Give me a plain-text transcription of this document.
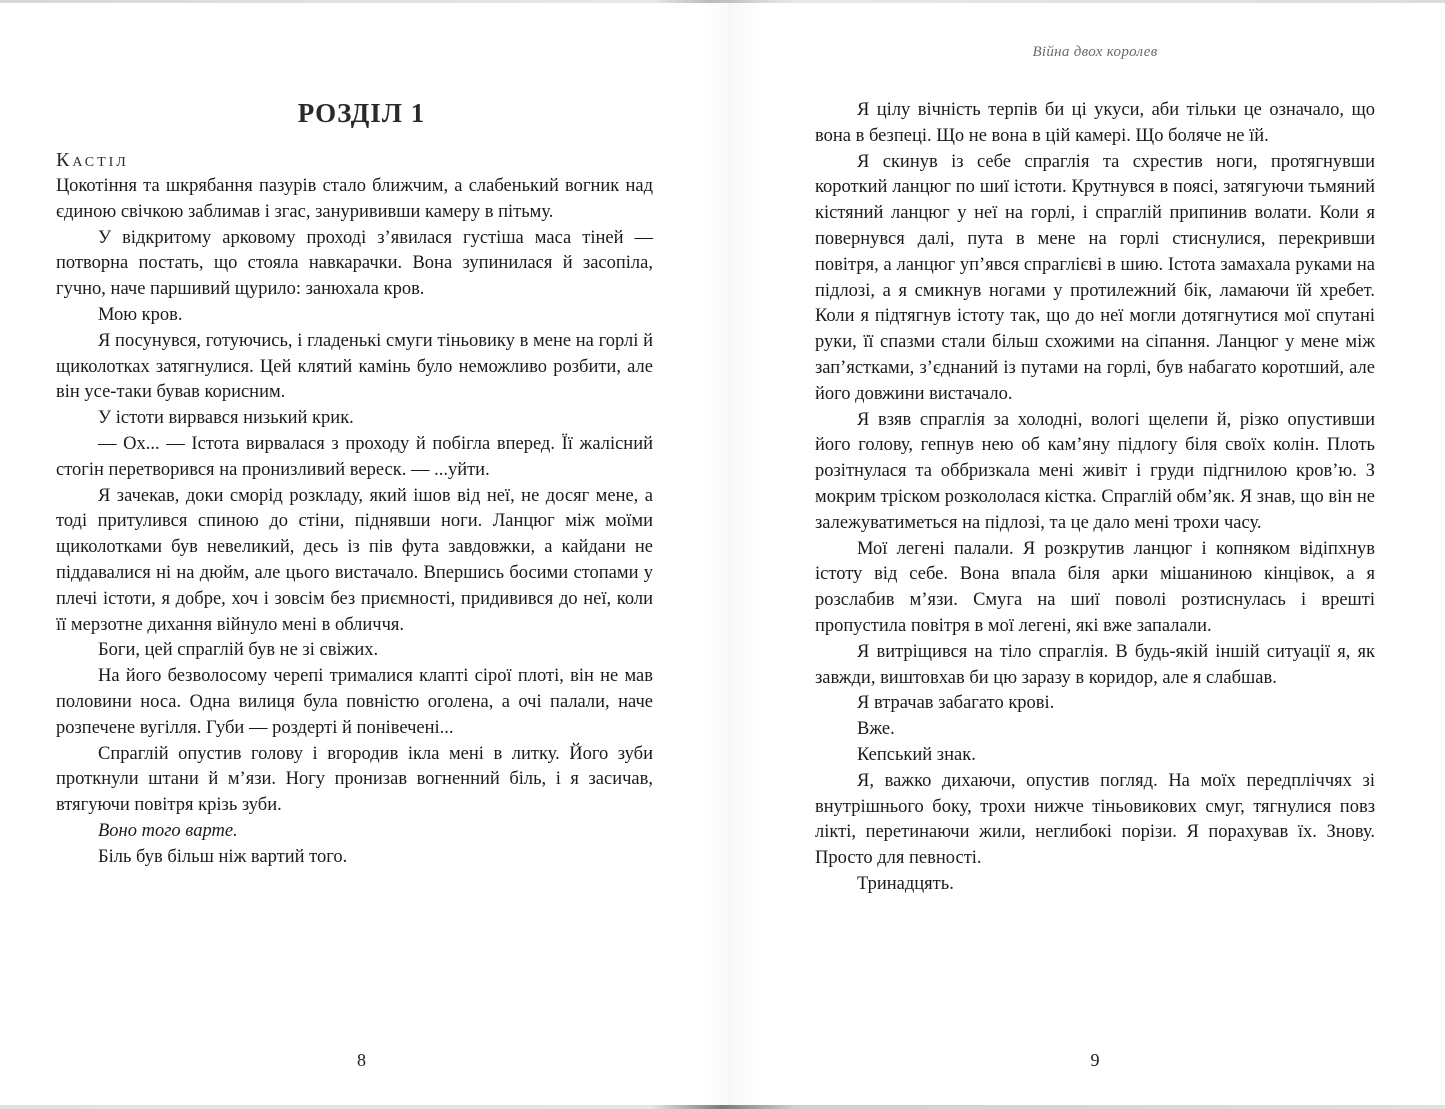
РОЗДІЛ 1
Кастіл

Цокотіння та шкрябання пазурів стало ближчим, а слабенький вогник над єдиною свічкою заблимав і згас, занурививши камеру в пітьму.

У відкритому арковому проході з’явилася густіша маса тіней — потворна постать, що стояла навкарачки. Вона зупинилася й засопіла, гучно, наче паршивий щурило: занюхала кров.

Мою кров.

Я посунувся, готуючись, і гладенькі смуги тіньовику в мене на горлі й щиколотках затягнулися. Цей клятий камінь було неможливо розбити, але він усе-таки бував корисним.

У істоти вирвався низький крик.

— Ох... — Істота вирвалася з проходу й побігла вперед. Її жалісний стогін перетворився на пронизливий вереск. — ...уйти.

Я зачекав, доки сморід розкладу, який ішов від неї, не досяг мене, а тоді притулився спиною до стіни, піднявши ноги. Ланцюг між моїми щиколотками був невеликий, десь із пів фута завдовжки, а кайдани не піддавалися ні на дюйм, але цього вистачало. Впершись босими стопами у плечі істоти, я добре, хоч і зовсім без приємності, придивився до неї, коли її мерзотне дихання війнуло мені в обличчя.

Боги, цей спраглій був не зі свіжих.

На його безволосому черепі трималися клапті сірої плоті, він не мав половини носа. Одна вилиця була повністю оголена, а очі палали, наче розпечене вугілля. Губи — роздерті й понівечені...

Спраглій опустив голову і вгородив ікла мені в литку. Його зуби проткнули штани й м’язи. Ногу пронизав вогненний біль, і я засичав, втягуючи повітря крізь зуби.

Воно того варте.

Біль був більш ніж вартий того.

8
Війна двох королев

Я цілу вічність терпів би ці укуси, аби тільки це означало, що вона в безпеці. Що не вона в цій камері. Що боляче не їй.

Я скинув із себе спраглія та схрестив ноги, протягнувши короткий ланцюг по шиї істоти. Крутнувся в поясі, затягуючи тьмяний кістяний ланцюг у неї на горлі, і спраглій припинив волати. Коли я повернувся далі, пута в мене на горлі стиснулися, перекривши повітря, а ланцюг уп’явся спраглієві в шию. Істота замахала руками на підлозі, а я смикнув ногами у протилежний бік, ламаючи їй хребет. Коли я підтягнув істоту так, що до неї могли дотягнутися мої спутані руки, її спазми стали більш схожими на сіпання. Ланцюг у мене між зап’ястками, з’єднаний із путами на горлі, був набагато коротший, але його довжини вистачало.

Я взяв спраглія за холодні, вологі щелепи й, різко опустивши його голову, гепнув нею об кам’яну підлогу біля своїх колін. Плоть розітнулася та оббризкала мені живіт і груди підгнилою кров’ю. З мокрим тріском розкололася кістка. Спраглій обм’як. Я знав, що він не залежуватиметься на підлозі, та це дало мені трохи часу.

Мої легені палали. Я розкрутив ланцюг і копняком відіпхнув істоту від себе. Вона впала біля арки мішаниною кінцівок, а я розслабив м’язи. Смуга на шиї поволі розтиснулась і врешті пропустила повітря в мої легені, які вже запалали.

Я витріщився на тіло спраглія. В будь-якій іншій ситуації я, як завжди, виштовхав би цю заразу в коридор, але я слабшав.

Я втрачав забагато крові.

Вже.

Кепський знак.

Я, важко дихаючи, опустив погляд. На моїх передпліччях зі внутрішнього боку, трохи нижче тіньовикових смуг, тягнулися повз лікті, перетинаючи жили, неглибокі порізи. Я порахував їх. Знову. Просто для певності.

Тринадцять.

9
